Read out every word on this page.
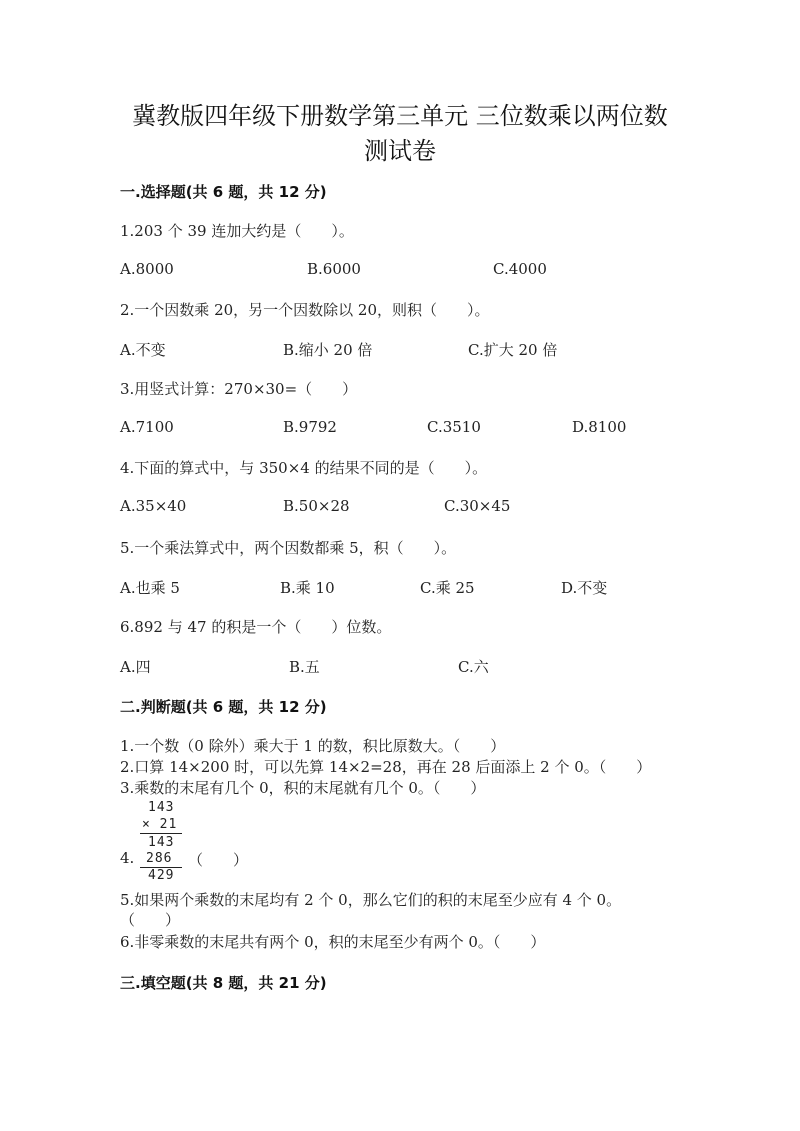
冀教版四年级下册数学第三单元 三位数乘以两位数
测试卷
一.选择题(共 6 题，共 12 分)
1.203 个 39 连加大约是（　　）。
A.8000	B.6000	C.4000
2.一个因数乘 20，另一个因数除以 20，则积（　　）。
A.不变	B.缩小 20 倍	C.扩大 20 倍
3.用竖式计算：270×30=（　　）
A.7100	B.9792	C.3510	D.8100
4.下面的算式中，与 350×4 的结果不同的是（　　）。
A.35×40	B.50×28	C.30×45
5.一个乘法算式中，两个因数都乘 5，积（　　）。
A.也乘 5	B.乘 10	C.乘 25	D.不变
6.892 与 47 的积是一个（　　）位数。
A.四	B.五	C.六
二.判断题(共 6 题，共 12 分)
1.一个数（0 除外）乘大于 1 的数，积比原数大。（　　）
2.口算 14×200 时，可以先算 14×2=28，再在 28 后面添上 2 个 0。（　　）
3.乘数的末尾有几个 0，积的末尾就有几个 0。（　　）
143
× 21
143
4. 286 （　　）
429
5.如果两个乘数的末尾均有 2 个 0，那么它们的积的末尾至少应有 4 个 0。
（　　）
6.非零乘数的末尾共有两个 0，积的末尾至少有两个 0。（　　）
三.填空题(共 8 题，共 21 分)
